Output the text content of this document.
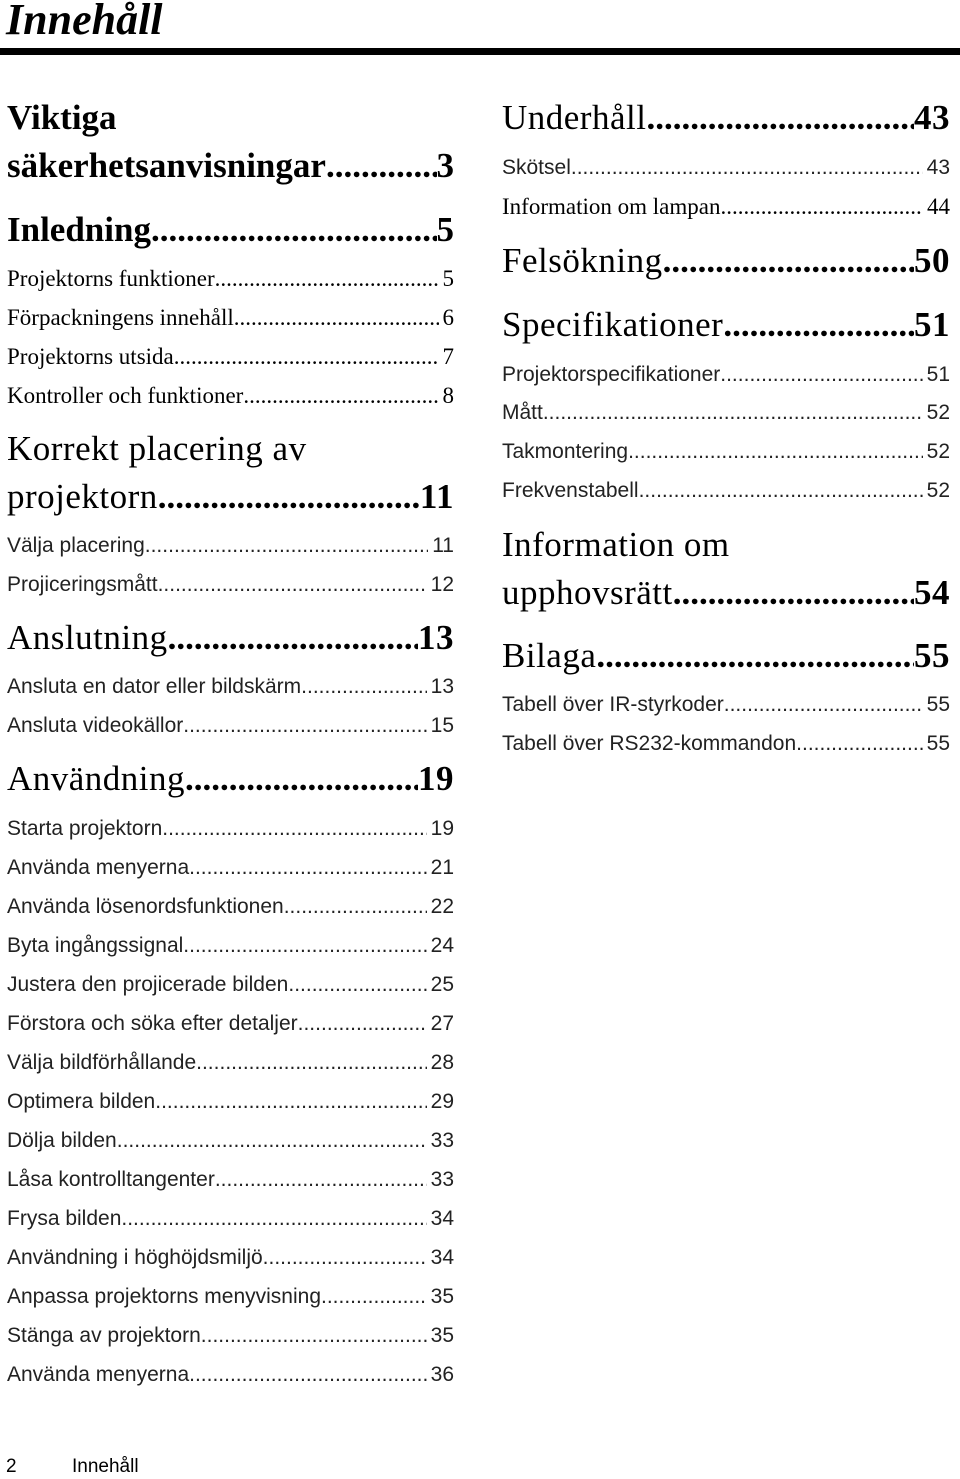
Innehåll
Viktiga
säkerhetsanvisningar .....	3
Inledning .....	5
Projektorns funktioner .....	5
Förpackningens innehåll .....	6
Projektorns utsida .....	7
Kontroller och funktioner .....	8
Korrekt placering av
projektorn .....	11
Välja placering .....	11
Projiceringsmått .....	12
Anslutning .....	13
Ansluta en dator eller bildskärm .....	13
Ansluta videokällor .....	15
Användning .....	19
Starta projektorn .....	19
Använda menyerna .....	21
Använda lösenordsfunktionen .....	22
Byta ingångssignal .....	24
Justera den projicerade bilden .....	25
Förstora och söka efter detaljer .....	27
Välja bildförhållande .....	28
Optimera bilden .....	29
Dölja bilden .....	33
Låsa kontrolltangenter .....	33
Frysa bilden .....	34
Användning i höghöjdsmiljö .....	34
Anpassa projektorns menyvisning .....	35
Stänga av projektorn .....	35
Använda menyerna .....	36
Underhåll .....	43
Skötsel .....	43
Information om lampan .....	44
Felsökning .....	50
Specifikationer .....	51
Projektorspecifikationer .....	51
Mått .....	52
Takmontering .....	52
Frekvenstabell .....	52
Information om
upphovsrätt .....	54
Bilaga .....	55
Tabell över IR-styrkoder .....	55
Tabell över RS232-kommandon .....	55
2	Innehåll
